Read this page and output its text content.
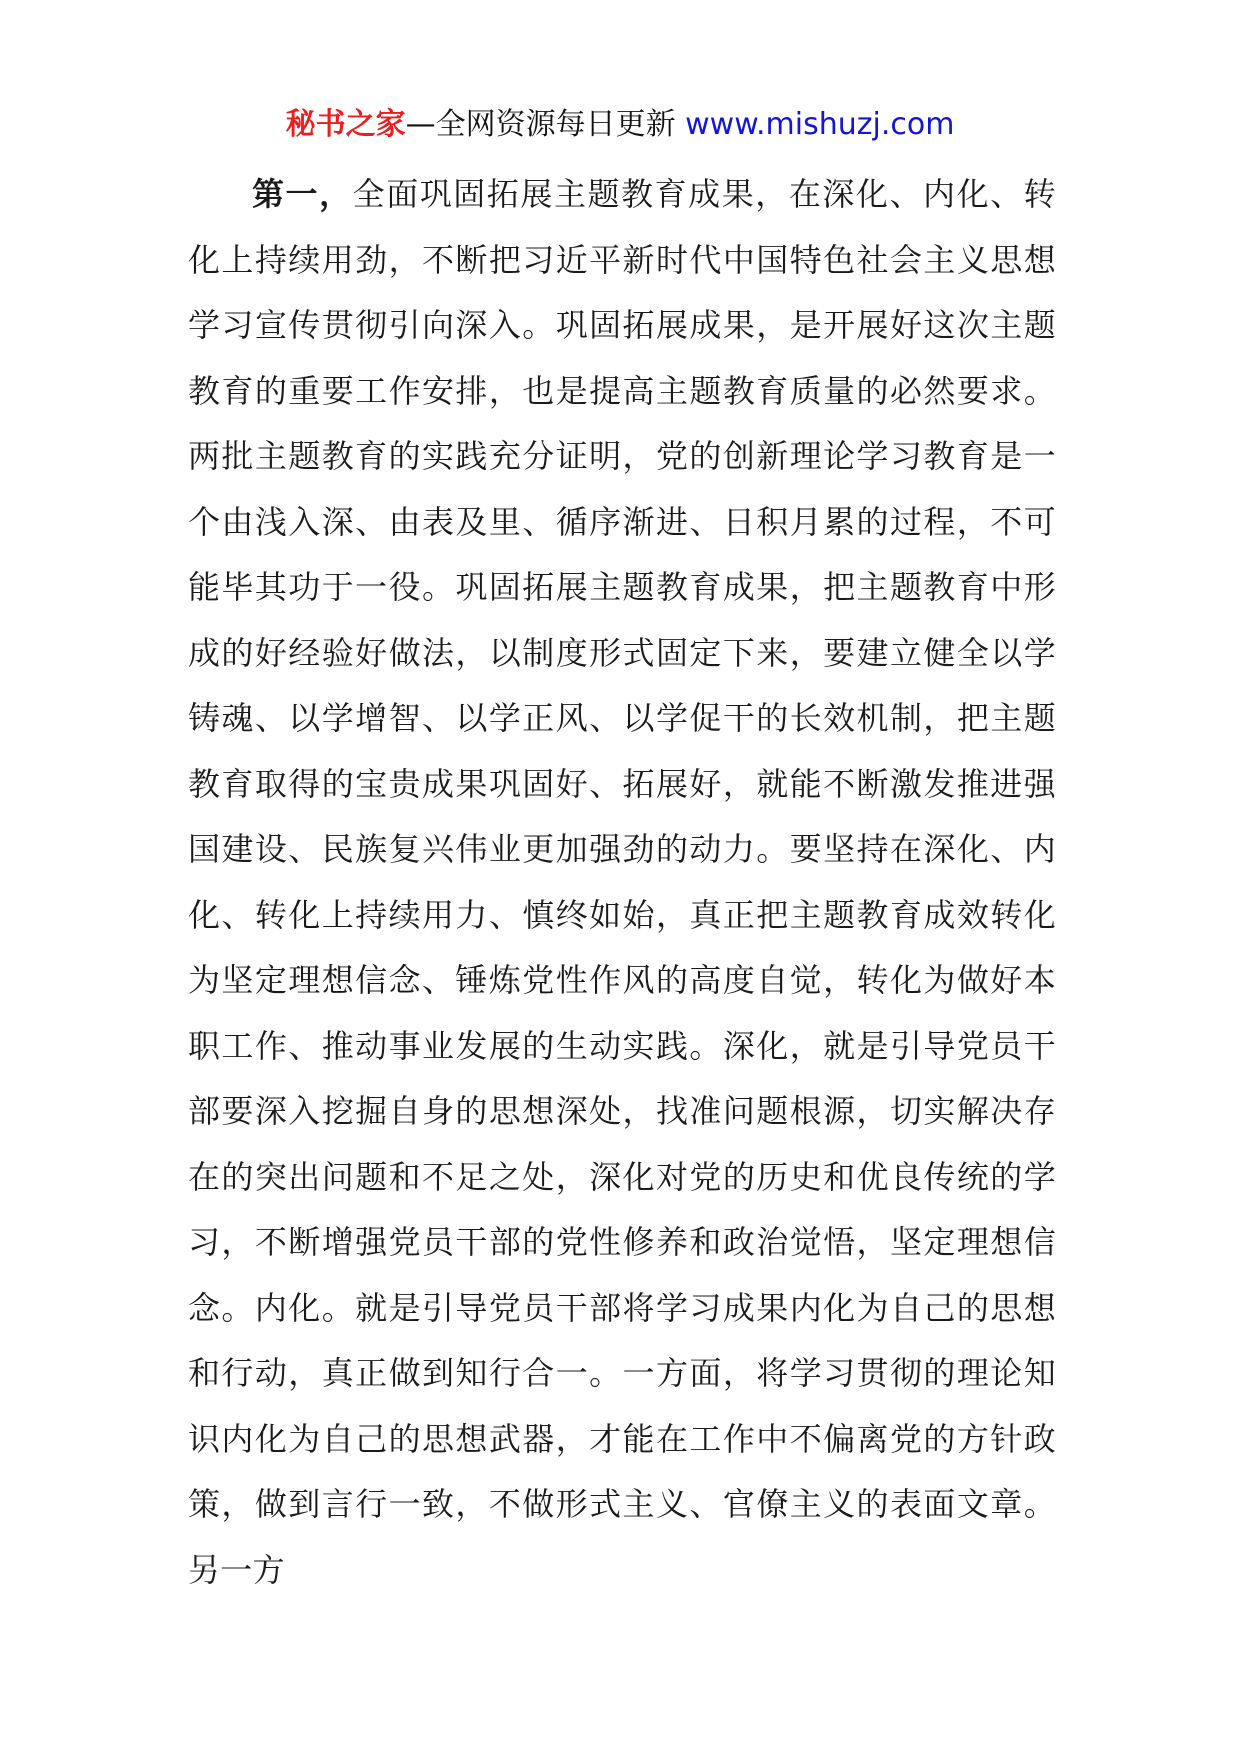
秘书之家—全网资源每日更新 www.mishuzj.com

第一，全面巩固拓展主题教育成果，在深化、内化、转化上持续用劲，不断把习近平新时代中国特色社会主义思想学习宣传贯彻引向深入。巩固拓展成果，是开展好这次主题教育的重要工作安排，也是提高主题教育质量的必然要求。两批主题教育的实践充分证明，党的创新理论学习教育是一个由浅入深、由表及里、循序渐进、日积月累的过程，不可能毕其功于一役。巩固拓展主题教育成果，把主题教育中形成的好经验好做法，以制度形式固定下来，要建立健全以学铸魂、以学增智、以学正风、以学促干的长效机制，把主题教育取得的宝贵成果巩固好、拓展好，就能不断激发推进强国建设、民族复兴伟业更加强劲的动力。要坚持在深化、内化、转化上持续用力、慎终如始，真正把主题教育成效转化为坚定理想信念、锤炼党性作风的高度自觉，转化为做好本职工作、推动事业发展的生动实践。深化，就是引导党员干部要深入挖掘自身的思想深处，找准问题根源，切实解决存在的突出问题和不足之处，深化对党的历史和优良传统的学习，不断增强党员干部的党性修养和政治觉悟，坚定理想信念。内化。就是引导党员干部将学习成果内化为自己的思想和行动，真正做到知行合一。一方面，将学习贯彻的理论知识内化为自己的思想武器，才能在工作中不偏离党的方针政策，做到言行一致，不做形式主义、官僚主义的表面文章。另一方
